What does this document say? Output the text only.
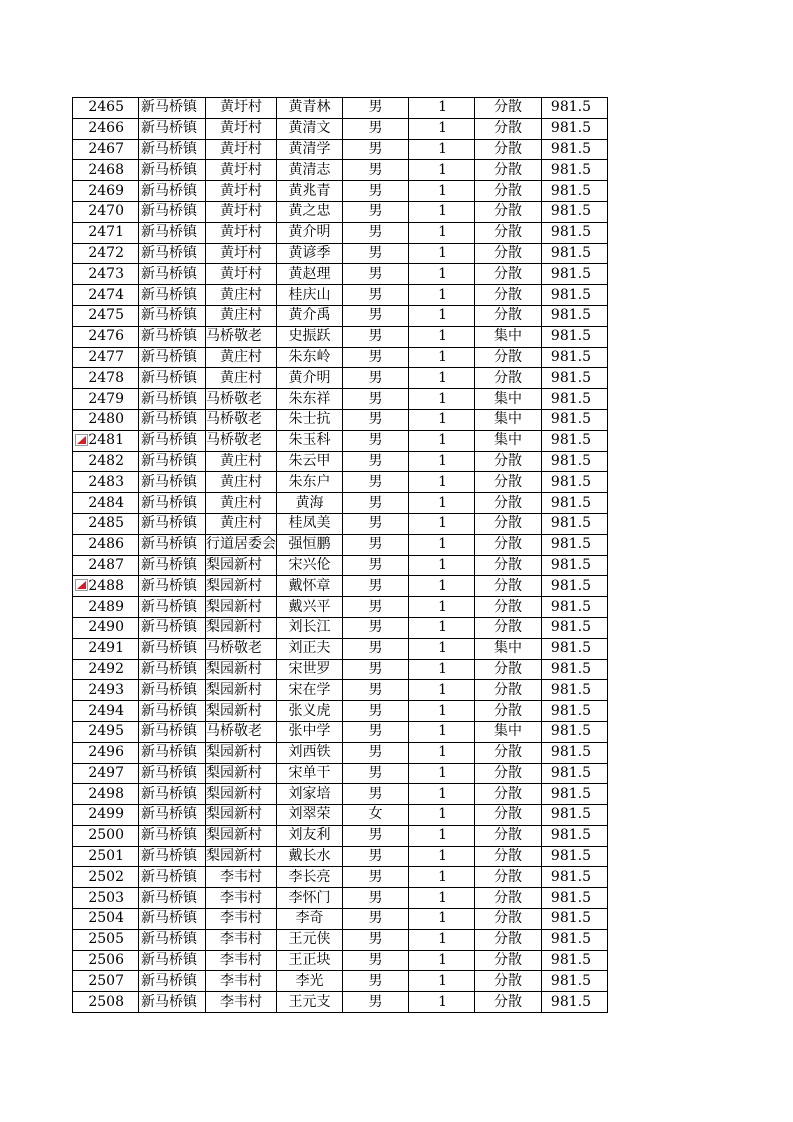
2465	新马桥镇	黄圩村	黄青林	男	1	分散	981.5
2466	新马桥镇	黄圩村	黄清文	男	1	分散	981.5
2467	新马桥镇	黄圩村	黄清学	男	1	分散	981.5
2468	新马桥镇	黄圩村	黄清志	男	1	分散	981.5
2469	新马桥镇	黄圩村	黄兆青	男	1	分散	981.5
2470	新马桥镇	黄圩村	黄之忠	男	1	分散	981.5
2471	新马桥镇	黄圩村	黄介明	男	1	分散	981.5
2472	新马桥镇	黄圩村	黄谚季	男	1	分散	981.5
2473	新马桥镇	黄圩村	黄赵理	男	1	分散	981.5
2474	新马桥镇	黄庄村	桂庆山	男	1	分散	981.5
2475	新马桥镇	黄庄村	黄介禹	男	1	分散	981.5
2476	新马桥镇	马桥敬老	史振跃	男	1	集中	981.5
2477	新马桥镇	黄庄村	朱东岭	男	1	分散	981.5
2478	新马桥镇	黄庄村	黄介明	男	1	分散	981.5
2479	新马桥镇	马桥敬老	朱东祥	男	1	集中	981.5
2480	新马桥镇	马桥敬老	朱士抗	男	1	集中	981.5
2481	新马桥镇	马桥敬老	朱玉科	男	1	集中	981.5
2482	新马桥镇	黄庄村	朱云甲	男	1	分散	981.5
2483	新马桥镇	黄庄村	朱东户	男	1	分散	981.5
2484	新马桥镇	黄庄村	黄海	男	1	分散	981.5
2485	新马桥镇	黄庄村	桂凤美	男	1	分散	981.5
2486	新马桥镇	行道居委会	强恒鹏	男	1	分散	981.5
2487	新马桥镇	梨园新村	宋兴伦	男	1	分散	981.5
2488	新马桥镇	梨园新村	戴怀章	男	1	分散	981.5
2489	新马桥镇	梨园新村	戴兴平	男	1	分散	981.5
2490	新马桥镇	梨园新村	刘长江	男	1	分散	981.5
2491	新马桥镇	马桥敬老	刘正夫	男	1	集中	981.5
2492	新马桥镇	梨园新村	宋世罗	男	1	分散	981.5
2493	新马桥镇	梨园新村	宋在学	男	1	分散	981.5
2494	新马桥镇	梨园新村	张义虎	男	1	分散	981.5
2495	新马桥镇	马桥敬老	张中学	男	1	集中	981.5
2496	新马桥镇	梨园新村	刘西铁	男	1	分散	981.5
2497	新马桥镇	梨园新村	宋单干	男	1	分散	981.5
2498	新马桥镇	梨园新村	刘家培	男	1	分散	981.5
2499	新马桥镇	梨园新村	刘翠荣	女	1	分散	981.5
2500	新马桥镇	梨园新村	刘友利	男	1	分散	981.5
2501	新马桥镇	梨园新村	戴长水	男	1	分散	981.5
2502	新马桥镇	李韦村	李长亮	男	1	分散	981.5
2503	新马桥镇	李韦村	李怀门	男	1	分散	981.5
2504	新马桥镇	李韦村	李奇	男	1	分散	981.5
2505	新马桥镇	李韦村	王元侠	男	1	分散	981.5
2506	新马桥镇	李韦村	王正块	男	1	分散	981.5
2507	新马桥镇	李韦村	李光	男	1	分散	981.5
2508	新马桥镇	李韦村	王元支	男	1	分散	981.5
